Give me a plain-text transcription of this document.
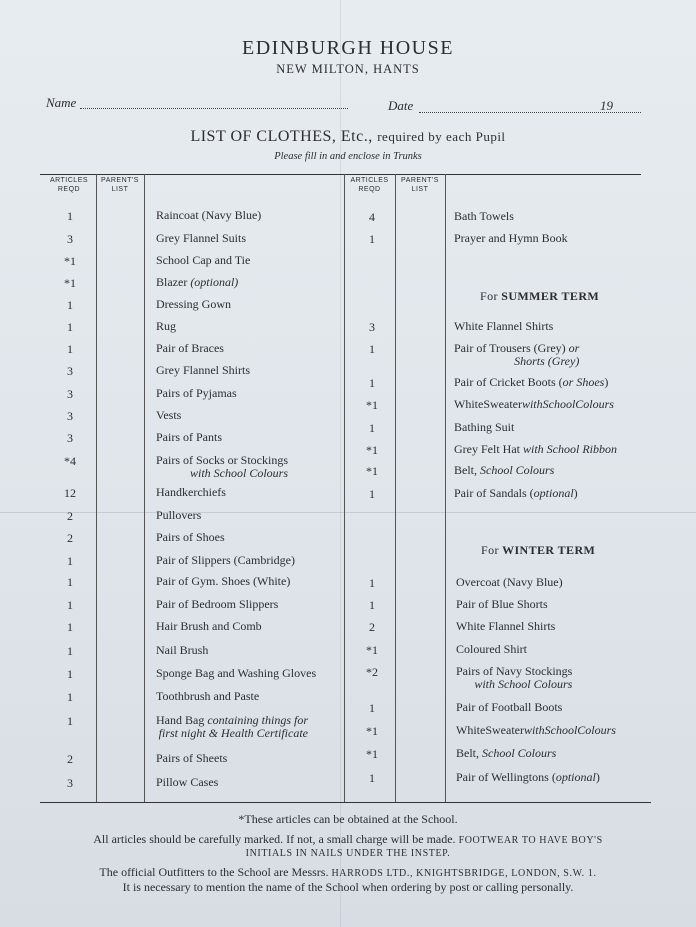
EDINBURGH HOUSE
NEW MILTON, HANTS
Name	Date	19
LIST OF CLOTHES, Etc., required by each Pupil
Please fill in and enclose in Trunks
ARTICLES REQD
PARENT'S LIST
ARTICLES REQD
PARENT'S LIST
1	Raincoat (Navy Blue)
3	Grey Flannel Suits
*1	School Cap and Tie
*1	Blazer (optional)
1	Dressing Gown
1	Rug
1	Pair of Braces
3	Grey Flannel Shirts
3	Pairs of Pyjamas
3	Vests
3	Pairs of Pants
*4	Pairs of Socks or Stockings
with School Colours
12	Handkerchiefs
2	Pullovers
2	Pairs of Shoes
1	Pair of Slippers (Cambridge)
1	Pair of Gym. Shoes (White)
1	Pair of Bedroom Slippers
1	Hair Brush and Comb
1	Nail Brush
1	Sponge Bag and Washing Gloves
1	Toothbrush and Paste
1	Hand Bag containing things for
first night & Health Certificate
2	Pairs of Sheets
3	Pillow Cases
4	Bath Towels
1	Prayer and Hymn Book
3	White Flannel Shirts
1	Pair of Trousers (Grey) or
Shorts (Grey)
1	Pair of Cricket Boots (or Shoes)
*1	WhiteSweaterwithSchoolColours
1	Bathing Suit
*1	Grey Felt Hat with School Ribbon
*1	Belt, School Colours
1	Pair of Sandals (optional)
1	Overcoat (Navy Blue)
1	Pair of Blue Shorts
2	White Flannel Shirts
*1	Coloured Shirt
*2	Pairs of Navy Stockings
with School Colours
1	Pair of Football Boots
*1	WhiteSweaterwithSchoolColours
*1	Belt, School Colours
1	Pair of Wellingtons (optional)
For SUMMER TERM
For WINTER TERM
*These articles can be obtained at the School.
All articles should be carefully marked. If not, a small charge will be made. FOOTWEAR TO HAVE BOY'S
INITIALS IN NAILS UNDER THE INSTEP.
The official Outfitters to the School are Messrs. HARRODS LTD., KNIGHTSBRIDGE, LONDON, S.W. 1.
It is necessary to mention the name of the School when ordering by post or calling personally.
